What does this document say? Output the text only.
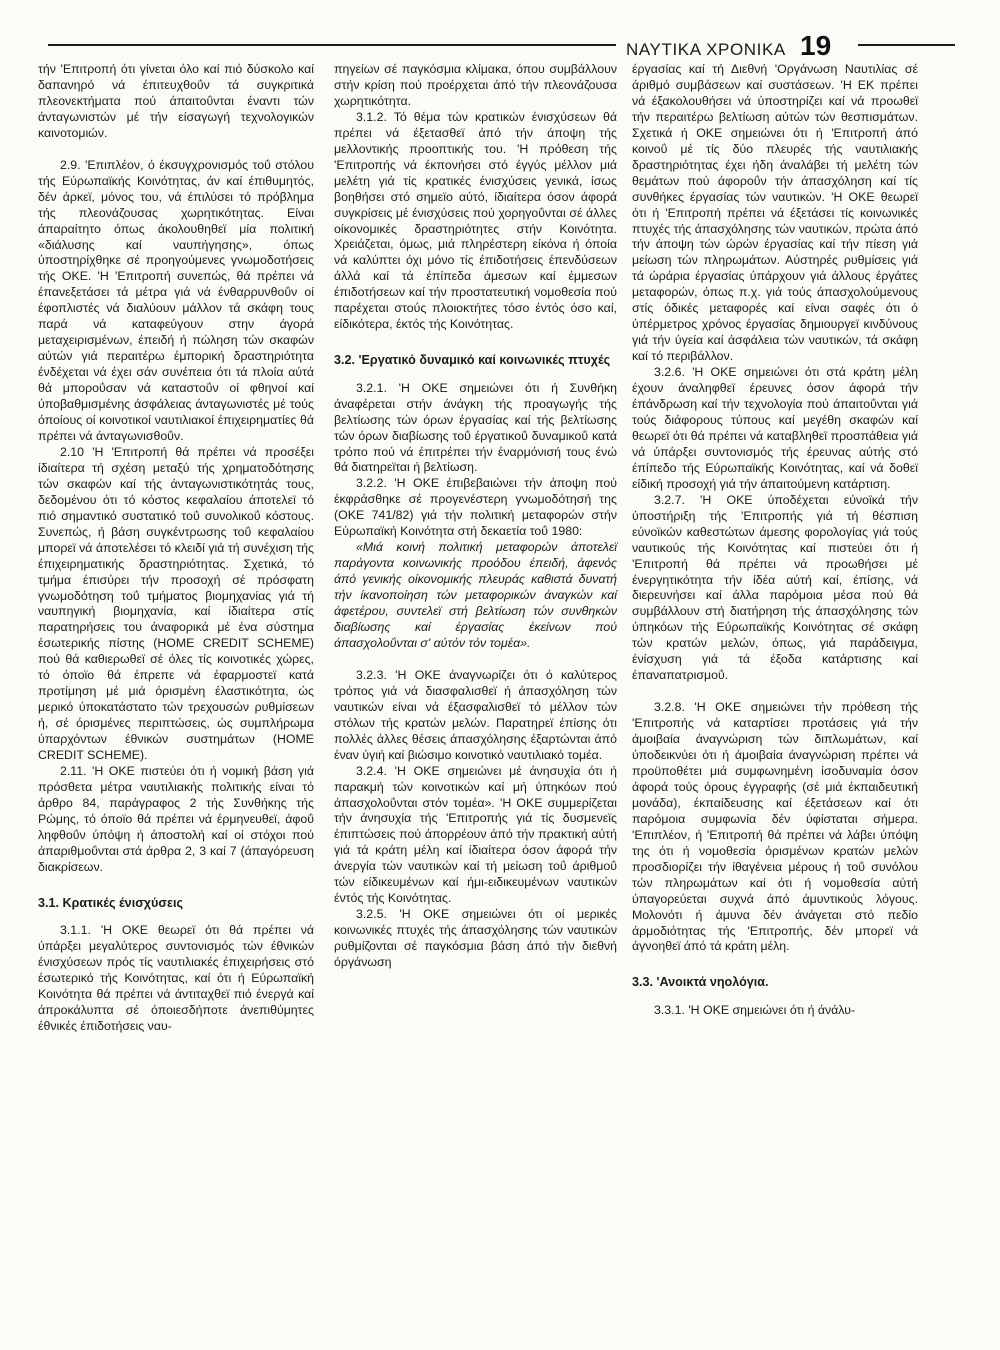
ΝΑΥΤΙΚΑ ΧΡΟΝΙΚΑ 19

τήν 'Επιτροπή ότι γίνεται όλο καί πιό δύσκολο καί δαπανηρό νά έπιτευχθοΰν τά συγκριτικά πλεονεκτήματα πού άπαιτοΰνται έναντι τών άνταγωνιστών μέ τήν είσαγωγή τεχνολογικών καινοτομιών.

2.9. 'Επιπλέον, ό έκσυγχρονισμός τοΰ στόλου τής Εύρωπαϊκής Κοινότητας, άν καί έπιθυμητός, δέν άρκεϊ, μόνος του, νά έπιλύσει τό πρόβλημα τής πλεονάζουσας χωρητικότητας. Είναι άπαραίτητο όπως άκολουθηθεϊ μία πολιτική «διάλυσης καί ναυπήγησης», όπως ύποστηρίχθηκε σέ προηγούμενες γνωμοδοτήσεις τής ΟΚΕ. 'Η 'Επιτροπή συνεπώς, θά πρέπει νά έπανεξετάσει τά μέτρα γιά νά ένθαρρυνθοΰν οί έφοπλιστές νά διαλύουν μάλλον τά σκάφη τους παρά νά καταφεύγουν στην άγορά μεταχειρισμένων, έπειδή ή πώληση τών σκαφών αύτών γιά περαιτέρω έμπορική δραστηριότητα ένδέχεται νά έχει σάν συνέπεια ότι τά πλοία αύτά θά μποροΰσαν νά καταστοΰν οί φθηνοί καί ύποβαθμισμένης άσφάλειας άνταγωνιστές μέ τούς όποίους οί κοινοτικοί ναυτιλιακοί έπιχειρηματίες θά πρέπει νά άνταγωνισθοΰν.

2.10 'Η 'Επιτροπή θά πρέπει νά προσέξει ίδιαίτερα τή σχέση μεταξύ τής χρηματοδότησης τών σκαφών καί τής άνταγωνιστικότητάς τους, δεδομένου ότι τό κόστος κεφαλαίου άποτελεϊ τό πιό σημαντικό συστατικό τοΰ συνολικοΰ κόστους. Συνεπώς, ή βάση συγκέντρωσης τοΰ κεφαλαίου μπορεϊ νά άποτελέσει τό κλειδί γιά τή συνέχιση τής έπιχειρηματικής δραστηριότητας. Σχετικά, τό τμήμα έπισύρει τήν προσοχή σέ πρόσφατη γνωμοδότηση τοΰ τμήματος βιομηχανίας γιά τή ναυπηγική βιομηχανία, καί ίδιαίτερα στίς παρατηρήσεις του άναφορικά μέ ένα σύστημα έσωτερικής πίστης (HOME CREDIT SCHEME) πού θά καθιερωθεϊ σέ όλες τίς κοινοτικές χώρες, τό όποϊο θά έπρεπε νά έφαρμοστεϊ κατά προτίμηση μέ μιά όρισμένη έλαστικότητα, ώς μερικό ύποκατάστατο τών τρεχουσών ρυθμίσεων ή, σέ όρισμένες περιπτώσεις, ώς συμπλήρωμα ύπαρχόντων έθνικών συστημάτων (HOME CREDIT SCHEME).

2.11. 'Η ΟΚΕ πιστεύει ότι ή νομική βάση γιά πρόσθετα μέτρα ναυτιλιακής πολιτικής είναι τό άρθρο 84, παράγραφος 2 τής Συνθήκης τής Ρώμης, τό όποϊο θά πρέπει νά έρμηνευθεϊ, άφοΰ ληφθοΰν ύπόψη ή άποστολή καί οί στόχοι πού άπαριθμοΰνται στά άρθρα 2, 3 καί 7 (άπαγόρευση διακρίσεων.

3.1. Κρατικές ένισχύσεις

3.1.1. 'Η ΟΚΕ θεωρεϊ ότι θά πρέπει νά ύπάρξει μεγαλύτερος συντονισμός τών έθνικών ένισχύσεων πρός τίς ναυτιλιακές έπιχειρήσεις στό έσωτερικό τής Κοινότητας, καί ότι ή Εύρωπαϊκή Κοινότητα θά πρέπει νά άντιταχθεϊ πιό ένεργά καί άπροκάλυπτα σέ όποιεσδήποτε άνεπιθύμητες έθνικές έπιδοτήσεις ναυ-

πηγείων σέ παγκόσμια κλίμακα, όπου συμβάλλουν στήν κρίση πού προέρχεται άπό τήν πλεονάζουσα χωρητικότητα.

3.1.2. Τό θέμα τών κρατικών ένισχύσεων θά πρέπει νά έξετασθεϊ άπό τήν άποψη τής μελλοντικής προοπτικής του. 'Η πρόθεση τής 'Επιτροπής νά έκπονήσει στό έγγύς μέλλον μιά μελέτη γιά τίς κρατικές ένισχύσεις γενικά, ίσως βοηθήσει στό σημεϊο αύτό, ίδιαίτερα όσον άφορά συγκρίσεις μέ ένισχύσεις πού χορηγοΰνται σέ άλλες οίκονομικές δραστηριότητες στήν Κοινότητα. Χρειάζεται, όμως, μιά πληρέστερη είκόνα ή όποία νά καλύπτει όχι μόνο τίς έπιδοτήσεις έπενδύσεων άλλά καί τά έπίπεδα άμεσων καί έμμεσων έπιδοτήσεων καί τήν προστατευτική νομοθεσία πού παρέχεται στούς πλοιοκτήτες τόσο έντός όσο καί, είδικότερα, έκτός τής Κοινότητας.

3.2. 'Εργατικό δυναμικό καί κοινωνικές πτυχές

3.2.1. 'Η ΟΚΕ σημειώνει ότι ή Συνθήκη άναφέρεται στήν άνάγκη τής προαγωγής τής βελτίωσης τών όρων έργασίας καί τής βελτίωσης τών όρων διαβίωσης τοΰ έργατικοΰ δυναμικοΰ κατά τρόπο πού νά έπιτρέπει τήν έναρμόνισή τους ένώ θά διατηρεϊται ή βελτίωση.

3.2.2. 'Η ΟΚΕ έπιβεβαιώνει τήν άποψη πού έκφράσθηκε σέ προγενέστερη γνωμοδότησή της (ΟΚΕ 741/82) γιά τήν πολιτική μεταφορών στήν Εύρωπαϊκή Κοινότητα στή δεκαετία τοΰ 1980:

«Μιά κοινή πολιτική μεταφορών άποτελεϊ παράγοντα κοινωνικής προόδου έπειδή, άφενός άπό γενικής οίκονομικής πλευράς καθιστά δυνατή τήν ίκανοποίηση τών μεταφορικών άναγκών καί άφετέρου, συντελεϊ στή βελτίωση τών συνθηκών διαβίωσης καί έργασίας έκείνων πού άπασχολοΰνται σ' αύτόν τόν τομέα».

3.2.3. 'Η ΟΚΕ άναγνωρίζει ότι ό καλύτερος τρόπος γιά νά διασφαλισθεϊ ή άπασχόληση τών ναυτικών είναι νά έξασφαλισθεϊ τό μέλλον τών στόλων τής κρατών μελών. Παρατηρεϊ έπίσης ότι πολλές άλλες θέσεις άπασχόλησης έξαρτώνται άπό έναν ύγιή καί βιώσιμο κοινοτικό ναυτιλιακό τομέα.

3.2.4. 'Η ΟΚΕ σημειώνει μέ άνησυχία ότι ή παρακμή τών κοινοτικών καί μή ύπηκόων πού άπασχολοΰνται στόν τομέα». 'Η ΟΚΕ συμμερίζεται τήν άνησυχία τής 'Επιτροπής γιά τίς δυσμενεϊς έπιπτώσεις πού άπορρέουν άπό τήν πρακτική αύτή γιά τά κράτη μέλη καί ίδιαίτερα όσον άφορά τήν άνεργία τών ναυτικών καί τή μείωση τοΰ άριθμοΰ τών είδικευμένων καί ήμι-ειδικευμένων ναυτικών έντός τής Κοινότητας.

3.2.5. 'Η ΟΚΕ σημειώνει ότι οί μερικές κοινωνικές πτυχές τής άπασχόλησης τών ναυτικών ρυθμίζονται σέ παγκόσμια βάση άπό τήν διεθνή όργάνωση

έργασίας καί τή Διεθνή 'Οργάνωση Ναυτιλίας σέ άριθμό συμβάσεων καί συστάσεων. 'Η ΕΚ πρέπει νά έξακολουθήσει νά ύποστηρίζει καί νά προωθεϊ τήν περαιτέρω βελτίωση αύτών τών θεσπισμάτων. Σχετικά ή ΟΚΕ σημειώνει ότι ή 'Επιτροπή άπό κοινοΰ μέ τίς δύο πλευρές τής ναυτιλιακής δραστηριότητας έχει ήδη άναλάβει τή μελέτη τών θεμάτων πού άφοροΰν τήν άπασχόληση καί τίς συνθήκες έργασίας τών ναυτικών. 'Η ΟΚΕ θεωρεϊ ότι ή 'Επιτροπή πρέπει νά έξετάσει τίς κοινωνικές πτυχές τής άπασχόλησης τών ναυτικών, πρώτα άπό τήν άποψη τών ώρών έργασίας καί τήν πίεση γιά μείωση τών πληρωμάτων. Αύστηρές ρυθμίσεις γιά τά ώράρια έργασίας ύπάρχουν γιά άλλους έργάτες μεταφορών, όπως π.χ. γιά τούς άπασχολούμενους στίς όδικές μεταφορές καί είναι σαφές ότι ό ύπέρμετρος χρόνος έργασίας δημιουργεϊ κινδύνους γιά τήν ύγεία καί άσφάλεια τών ναυτικών, τά σκάφη καί τό περιβάλλον.

3.2.6. 'Η ΟΚΕ σημειώνει ότι στά κράτη μέλη έχουν άναληφθεϊ έρευνες όσον άφορά τήν έπάνδρωση καί τήν τεχνολογία πού άπαιτοΰνται γιά τούς διάφορους τύπους καί μεγέθη σκαφών καί θεωρεϊ ότι θά πρέπει νά καταβληθεϊ προσπάθεια γιά νά ύπάρξει συντονισμός τής έρευνας αύτής στό έπίπεδο τής Εύρωπαϊκής Κοινότητας, καί νά δοθεϊ είδική προσοχή γιά τήν άπαιτούμενη κατάρτιση.

3.2.7. 'Η ΟΚΕ ύποδέχεται εύνοϊκά τήν ύποστήριξη τής 'Επιτροπής γιά τή θέσπιση εύνοϊκών καθεστώτων άμεσης φορολογίας γιά τούς ναυτικούς τής Κοινότητας καί πιστεύει ότι ή 'Επιτροπή θά πρέπει νά προωθήσει μέ ένεργητικότητα τήν ίδέα αύτή καί, έπίσης, νά διερευνήσει καί άλλα παρόμοια μέσα πού θά συμβάλλουν στή διατήρηση τής άπασχόλησης τών ύπηκόων τής Εύρωπαϊκής Κοινότητας σέ σκάφη τών κρατών μελών, όπως, γιά παράδειγμα, ένίσχυση γιά τά έξοδα κατάρτισης καί έπαναπατρισμοΰ.

3.2.8. 'Η ΟΚΕ σημειώνει τήν πρόθεση τής 'Επιτροπής νά καταρτίσει προτάσεις γιά τήν άμοιβαία άναγνώριση τών διπλωμάτων, καί ύποδεικνύει ότι ή άμοιβαία άναγνώριση πρέπει νά προϋποθέτει μιά συμφωνημένη ίσοδυναμία όσον άφορά τούς όρους έγγραφής (σέ μιά έκπαιδευτική μονάδα), έκπαίδευσης καί έξετάσεων καί ότι παρόμοια συμφωνία δέν ύφίσταται σήμερα. 'Επιπλέον, ή 'Επιτροπή θά πρέπει νά λάβει ύπόψη της ότι ή νομοθεσία όρισμένων κρατών μελών προσδιορίζει τήν ίθαγένεια μέρους ή τοΰ συνόλου τών πληρωμάτων καί ότι ή νομοθεσία αύτή ύπαγορεύεται συχνά άπό άμυντικούς λόγους. Μολονότι ή άμυνα δέν άνάγεται στό πεδίο άρμοδιότητας τής 'Επιτροπής, δέν μπορεϊ νά άγνοηθεϊ άπό τά κράτη μέλη.

3.3. 'Ανοικτά νηολόγια.

3.3.1. 'Η ΟΚΕ σημειώνει ότι ή άνάλυ-
